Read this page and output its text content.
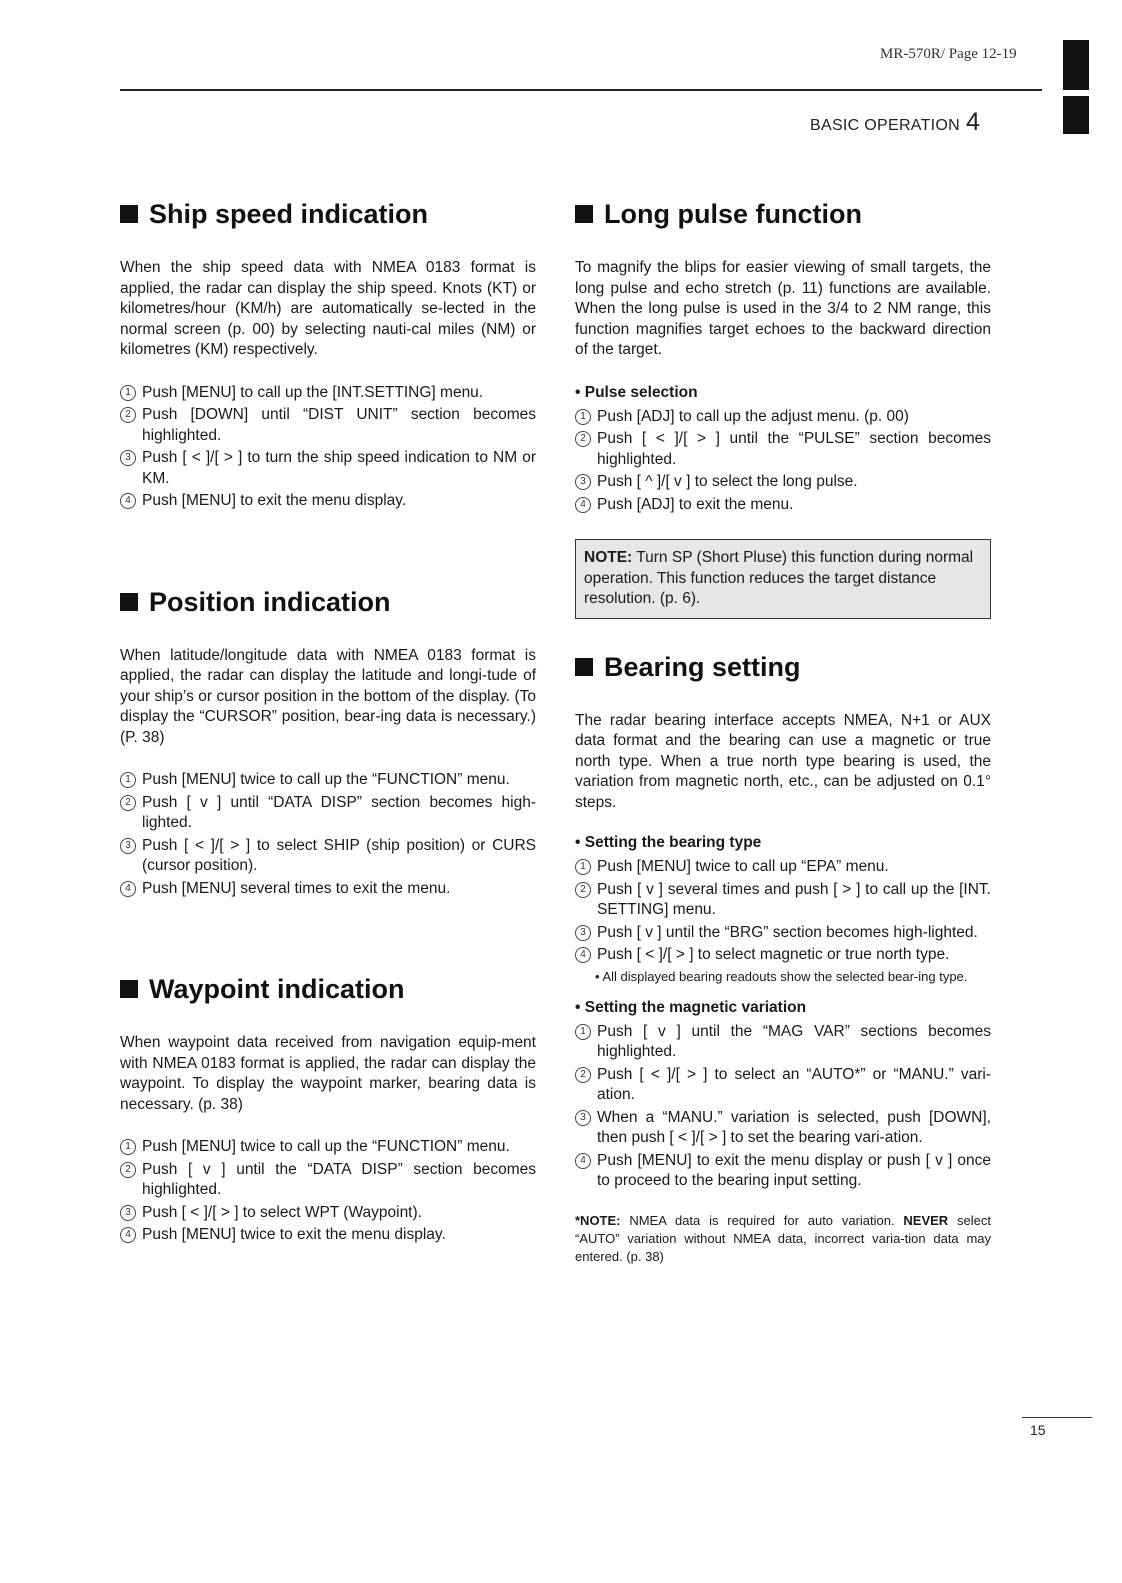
MR-570R/ Page 12-19
BASIC OPERATION 4
Ship speed indication

When the ship speed data with NMEA 0183 format is applied, the radar can display the ship speed. Knots (KT) or kilometres/hour (KM/h) are automatically se-lected in the normal screen (p. 00) by selecting nauti-cal miles (NM) or kilometres (KM) respectively.

1 Push [MENU] to call up the [INT.SETTING] menu.
2 Push [DOWN] until “DIST UNIT” section becomes highlighted.
3 Push [ < ]/[ > ] to turn the ship speed indication to NM or KM.
4 Push [MENU] to exit the menu display.
Position indication

When latitude/longitude data with NMEA 0183 format is applied, the radar can display the latitude and longi-tude of your ship’s or cursor position in the bottom of the display. (To display the “CURSOR” position, bear-ing data is necessary.) (P. 38)

1 Push [MENU] twice to call up the “FUNCTION” menu.
2 Push [ v ] until “DATA DISP” section becomes high-lighted.
3 Push [ < ]/[ > ] to select SHIP (ship position) or CURS (cursor position).
4 Push [MENU] several times to exit the menu.
Waypoint indication

When waypoint data received from navigation equip-ment with NMEA 0183 format is applied, the radar can display the waypoint. To display the waypoint marker, bearing data is necessary. (p. 38)

1 Push [MENU] twice to call up the “FUNCTION” menu.
2 Push [ v ] until the “DATA DISP” section becomes highlighted.
3 Push [ < ]/[ > ] to select WPT (Waypoint).
4 Push [MENU] twice to exit the menu display.
Long pulse function

To magnify the blips for easier viewing of small targets, the long pulse and echo stretch (p. 11) functions are available. When the long pulse is used in the 3/4 to 2 NM range, this function magnifies target echoes to the backward direction of the target.

• Pulse selection
1 Push [ADJ] to call up the adjust menu. (p. 00)
2 Push [ < ]/[ > ] until the “PULSE” section becomes highlighted.
3 Push [ ^ ]/[ v ] to select the long pulse.
4 Push [ADJ] to exit the menu.
NOTE: Turn SP (Short Pluse) this function during normal operation. This function reduces the target distance resolution. (p. 6).
Bearing setting

The radar bearing interface accepts NMEA, N+1 or AUX data format and the bearing can use a magnetic or true north type. When a true north type bearing is used, the variation from magnetic north, etc., can be adjusted on 0.1° steps.

• Setting the bearing type
1 Push [MENU] twice to call up “EPA” menu.
2 Push [ v ] several times and push [ > ] to call up the [INT. SETTING] menu.
3 Push [ v ] until the “BRG” section becomes high-lighted.
4 Push [ < ]/[ > ] to select magnetic or true north type.
• All displayed bearing readouts show the selected bear-ing type.
• Setting the magnetic variation
1 Push [ v ] until the “MAG VAR” sections becomes highlighted.
2 Push [ < ]/[ > ] to select an “AUTO*” or “MANU.” vari-ation.
3 When a “MANU.” variation is selected, push [DOWN], then push [ < ]/[ > ] to set the bearing vari-ation.
4 Push [MENU] to exit the menu display or push [ v ] once to proceed to the bearing input setting.

*NOTE: NMEA data is required for auto variation. NEVER select “AUTO” variation without NMEA data, incorrect varia-tion data may entered. (p. 38)

15
